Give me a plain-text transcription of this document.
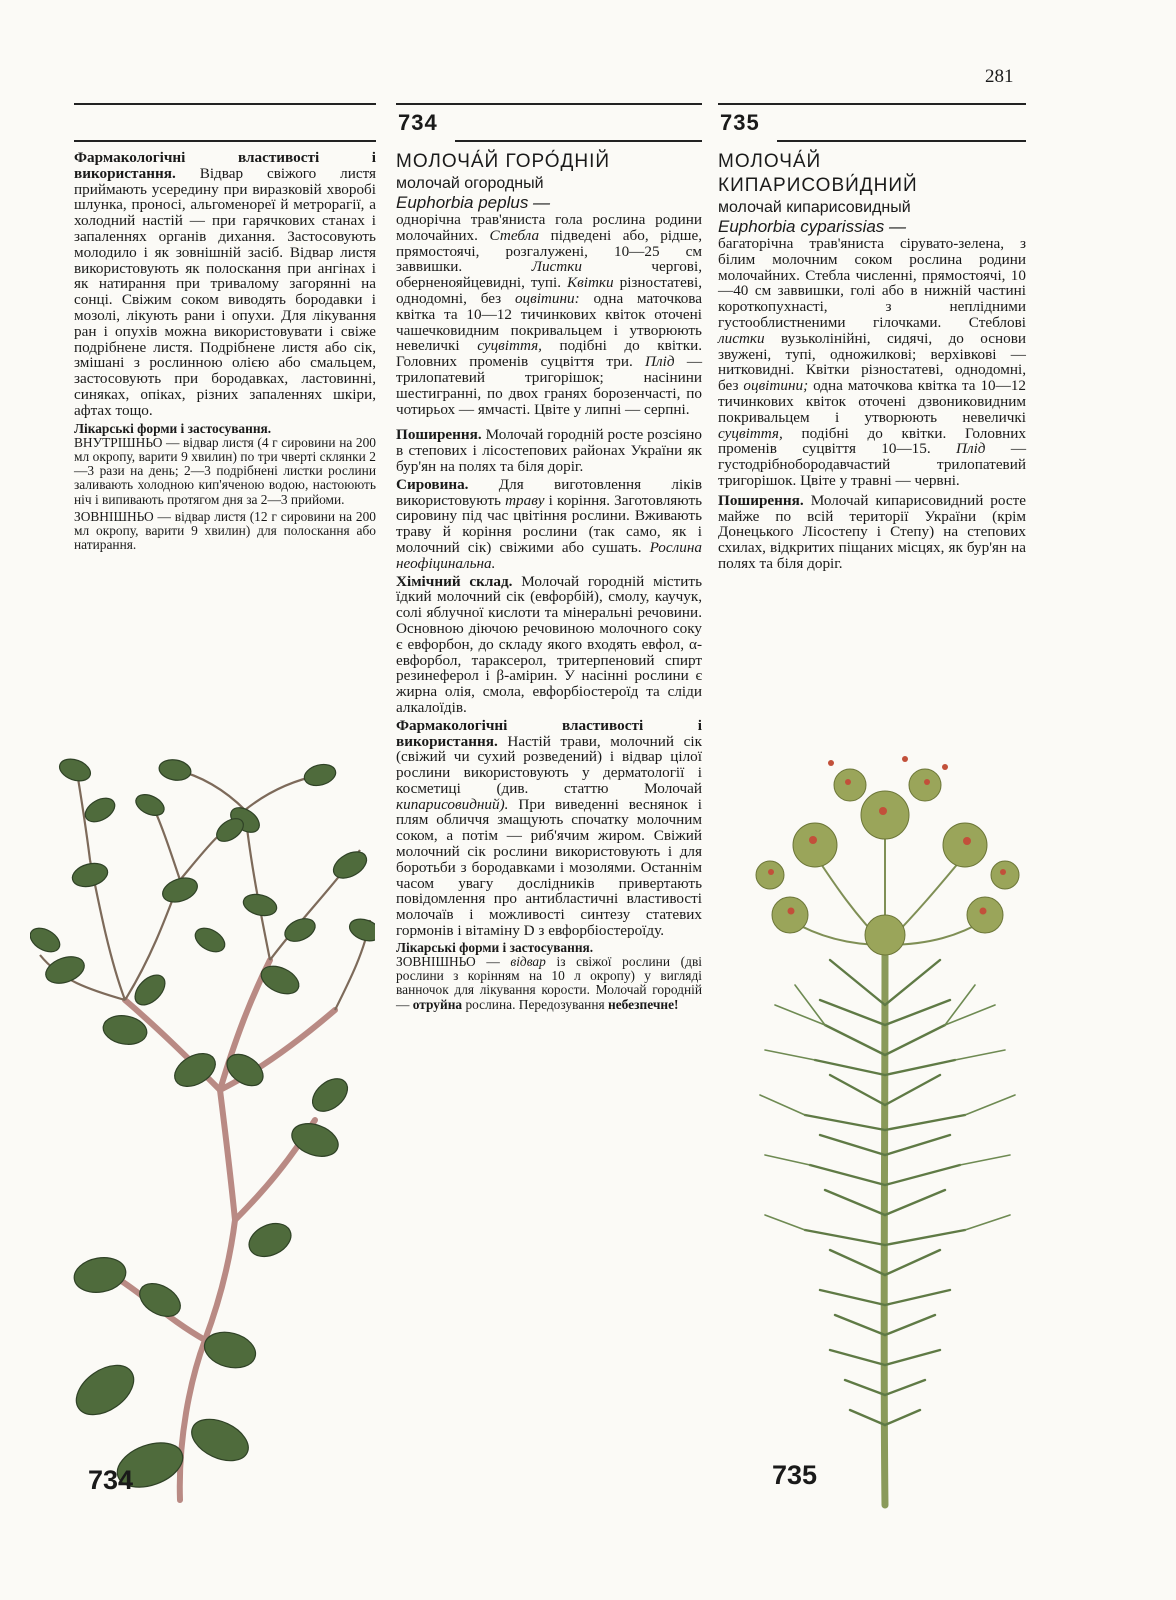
281
734	735

Фармакологічні властивості і використання. Відвар свіжого листя приймають усередину при виразковій хворобі шлунка, проносі, альгоменореї й метрорагії, а холодний настій — при гарячкових станах і запаленнях органів дихання. Застосовують молодило і як зовнішній засіб. Відвар листя використовують як полоскання при ангінах і як натирання при тривалому загорянні на сонці. Свіжим соком виводять бородавки і мозолі, лікують рани і опухи. Для лікування ран і опухів можна використовувати і свіже подрібнене листя. Подрібнене листя або сік, змішані з рослинною олією або смальцем, застосовують при бородавках, ластовинні, синяках, опіках, різних запаленнях шкіри, афтах тощо.

Лікарські форми і застосування.
ВНУТРІШНЬО — відвар листя (4 г сировини на 200 мл окропу, варити 9 хвилин) по три чверті склянки 2—3 рази на день; 2—3 подрібнені листки рослини заливають холодною кип'яченою водою, настоюють ніч і випивають протягом дня за 2—3 прийоми.

ЗОВНІШНЬО — відвар листя (12 г сировини на 200 мл окропу, варити 9 хвилин) для полоскання або натирання.

МОЛОЧА́Й ГОРО́ДНІЙ
молочай огородный
Euphorbia peplus —

однорічна трав'яниста гола рослина родини молочайних. Стебла підведені або, рідше, прямостоячі, розгалужені, 10—25 см заввишки. Листки чергові, оберненояйцевидні, тупі. Квітки різностатеві, однодомні, без оцвітини: одна маточкова квітка та 10—12 тичинкових квіток оточені чашечковидним покривальцем і утворюють невеличкі суцвіття, подібні до квітки. Головних променів суцвіття три. Плід — трилопатевий тригорішок; насінини шестигранні, по двох гранях борозенчасті, по чотирьох — ямчасті. Цвіте у липні — серпні.

Поширення. Молочай городній росте розсіяно в степових і лісостепових районах України як бур'ян на полях та біля доріг.

Сировина. Для виготовлення ліків використовують траву і коріння. Заготовляють сировину під час цвітіння рослини. Вживають траву й коріння рослини (так само, як і молочний сік) свіжими або сушать. Рослина неофіцинальна.

Хімічний склад. Молочай городній містить їдкий молочний сік (евфорбій), смолу, каучук, солі яблучної кислоти та мінеральні речовини. Основною діючою речовиною молочного соку є евфорбон, до складу якого входять евфол, α-евфорбол, тараксерол, тритерпеновий спирт резинеферол і β-амірин. У насінні рослини є жирна олія, смола, евфорбіостероїд та сліди алкалоїдів.

Фармакологічні властивості і використання. Настій трави, молочний сік (свіжий чи сухий розведений) і відвар цілої рослини використовують у дерматології і косметиці (див. статтю Молочай кипарисовидний). При виведенні веснянок і плям обличчя змащують спочатку молочним соком, а потім — риб'ячим жиром. Свіжий молочний сік рослини використовують і для боротьби з бородавками і мозолями. Останнім часом увагу дослідників привертають повідомлення про антибластичні властивості молочаїв і можливості синтезу статевих гормонів і вітаміну D з евфорбіостероїду.

Лікарські форми і застосування.
ЗОВНІШНЬО — відвар із свіжої рослини (дві рослини з корінням на 10 л окропу) у вигляді ванночок для лікування корости. Молочай городній — отруйна рослина. Передозування небезпечне!

МОЛОЧА́Й
КИПАРИСОВИ́ДНИЙ
молочай кипарисовидный
Euphorbia cyparissias —

багаторічна трав'яниста сірувато-зелена, з білим молочним соком рослина родини молочайних. Стебла численні, прямостоячі, 10—40 см заввишки, голі або в нижній частині короткопухнасті, з неплідними густооблистненими гілочками. Стеблові листки вузьколінійні, сидячі, до основи звужені, тупі, одножилкові; верхівкові — нитковидні. Квітки різностатеві, однодомні, без оцвітини; одна маточкова квітка та 10—12 тичинкових квіток оточені дзвониковидним покривальцем і утворюють невеличкі суцвіття, подібні до квітки. Головних променів суцвіття 10—15. Плід — густодрібнобородавчастий трилопатевий тригорішок. Цвіте у травні — червні.

Поширення. Молочай кипарисовидний росте майже по всій території України (крім Донецького Лісостепу і Степу) на степових схилах, відкритих піщаних місцях, як бур'ян на полях та біля доріг.

734	735
